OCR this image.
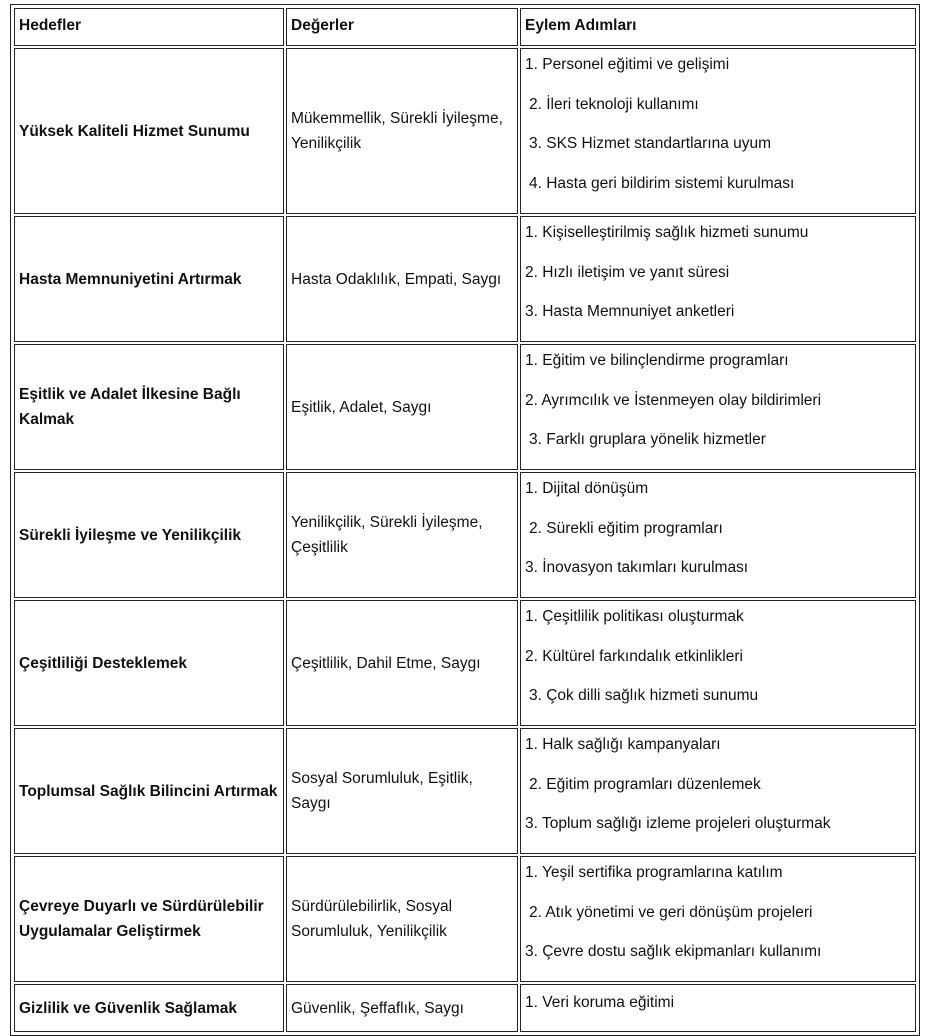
Hedefler	Değerler	Eylem Adımları
Yüksek Kaliteli Hizmet Sunumu	Mükemmellik, Sürekli İyileşme, Yenilikçilik	1. Personel eğitimi ve gelişimi
2. İleri teknoloji kullanımı
3. SKS Hizmet standartlarına uyum
4. Hasta geri bildirim sistemi kurulması

Hasta Memnuniyetini Artırmak	Hasta Odaklılık, Empati, Saygı	1. Kişiselleştirilmiş sağlık hizmeti sunumu
2. Hızlı iletişim ve yanıt süresi
3. Hasta Memnuniyet anketleri

Eşitlik ve Adalet İlkesine Bağlı Kalmak	Eşitlik, Adalet, Saygı	1. Eğitim ve bilinçlendirme programları
2. Ayrımcılık ve İstenmeyen olay bildirimleri
3. Farklı gruplara yönelik hizmetler

Sürekli İyileşme ve Yenilikçilik	Yenilikçilik, Sürekli İyileşme, Çeşitlilik	1. Dijital dönüşüm
2. Sürekli eğitim programları
3. İnovasyon takımları kurulması

Çeşitliliği Desteklemek	Çeşitlilik, Dahil Etme, Saygı	1. Çeşitlilik politikası oluşturmak
2. Kültürel farkındalık etkinlikleri
3. Çok dilli sağlık hizmeti sunumu

Toplumsal Sağlık Bilincini Artırmak	Sosyal Sorumluluk, Eşitlik, Saygı	1. Halk sağlığı kampanyaları
2. Eğitim programları düzenlemek
3. Toplum sağlığı izleme projeleri oluşturmak

Çevreye Duyarlı ve Sürdürülebilir Uygulamalar Geliştirmek	Sürdürülebilirlik, Sosyal Sorumluluk, Yenilikçilik	1. Yeşil sertifika programlarına katılım
2. Atık yönetimi ve geri dönüşüm projeleri
3. Çevre dostu sağlık ekipmanları kullanımı

Gizlilik ve Güvenlik Sağlamak	Güvenlik, Şeffaflık, Saygı	1. Veri koruma eğitimi
